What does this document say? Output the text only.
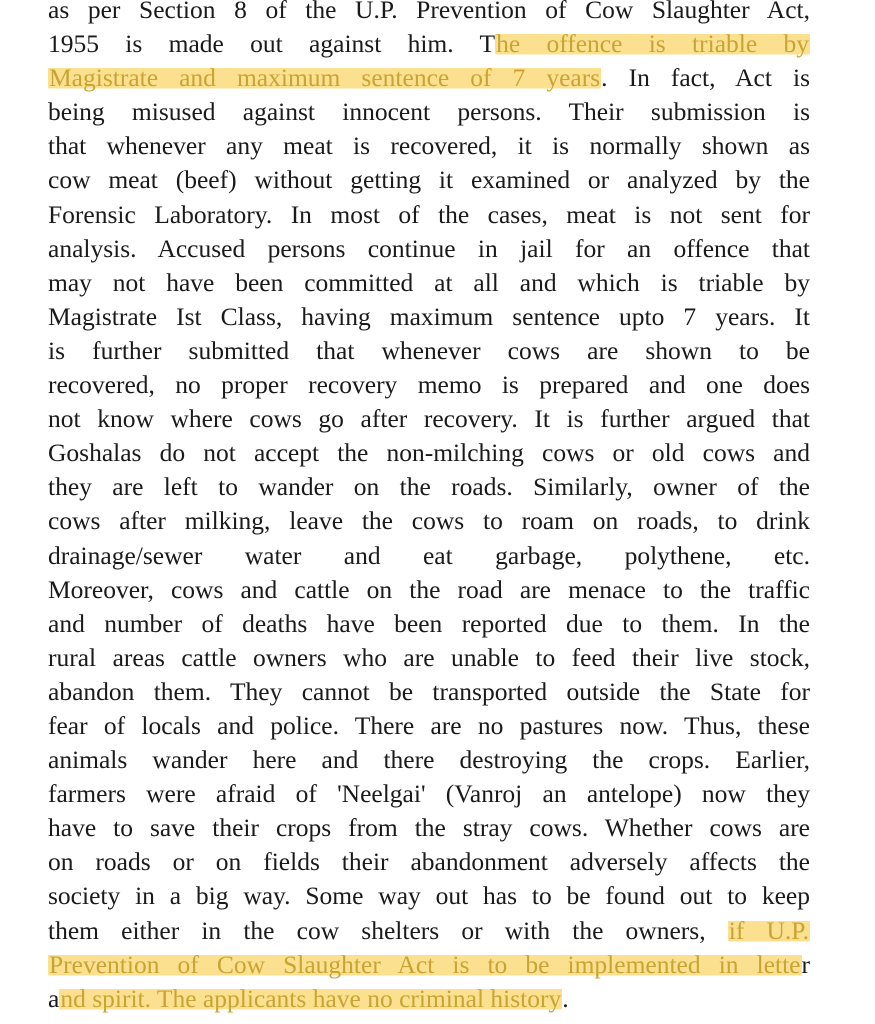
as per Section 8 of the U.P. Prevention of Cow Slaughter Act,
1955 is made out against him. The offence is triable by
Magistrate and maximum sentence of 7 years. In fact, Act is
being misused against innocent persons. Their submission is
that whenever any meat is recovered, it is normally shown as
cow meat (beef) without getting it examined or analyzed by the
Forensic Laboratory. In most of the cases, meat is not sent for
analysis. Accused persons continue in jail for an offence that
may not have been committed at all and which is triable by
Magistrate Ist Class, having maximum sentence upto 7 years. It
is further submitted that whenever cows are shown to be
recovered, no proper recovery memo is prepared and one does
not know where cows go after recovery. It is further argued that
Goshalas do not accept the non-milching cows or old cows and
they are left to wander on the roads. Similarly, owner of the
cows after milking, leave the cows to roam on roads, to drink
drainage/sewer water and eat garbage, polythene, etc.
Moreover, cows and cattle on the road are menace to the traffic
and number of deaths have been reported due to them. In the
rural areas cattle owners who are unable to feed their live stock,
abandon them. They cannot be transported outside the State for
fear of locals and police. There are no pastures now. Thus, these
animals wander here and there destroying the crops. Earlier,
farmers were afraid of 'Neelgai' (Vanroj an antelope) now they
have to save their crops from the stray cows. Whether cows are
on roads or on fields their abandonment adversely affects the
society in a big way. Some way out has to be found out to keep
them either in the cow shelters or with the owners, if U.P.
Prevention of Cow Slaughter Act is to be implemented in letter
and spirit. The applicants have no criminal history.
